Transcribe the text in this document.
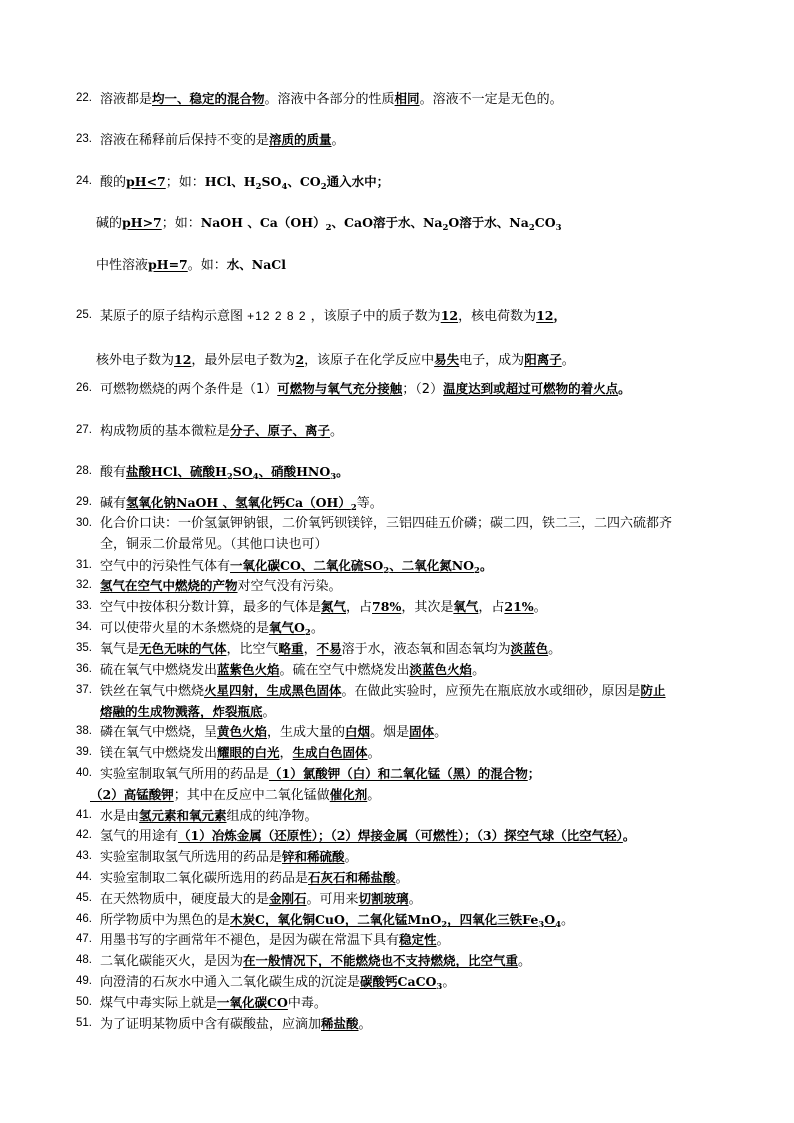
22. 溶液都是均一、稳定的混合物。溶液中各部分的性质相同。溶液不一定是无色的。
23. 溶液在稀释前后保持不变的是溶质的质量。
24. 酸的pH<7；如：HCl、$H_2SO_4$、$CO_2$通入水中；
碱的pH>7；如：NaOH 、$Ca(OH)_2$、CaO溶于水、$Na_2O$溶于水、$Na_2CO_3$
中性溶液pH=7。如：水、NaCl
25. 某原子的原子结构示意图 +12 2 8 2 ，该原子中的质子数为12，核电荷数为12，
核外电子数为12，最外层电子数为2，该原子在化学反应中易失电子，成为阳离子。
26. 可燃物燃烧的两个条件是（1）可燃物与氧气充分接触；（2）温度达到或超过可燃物的着火点。
27. 构成物质的基本微粒是分子、原子、离子。
28. 酸有盐酸HCl、硫酸$H_2SO_4$、硝酸$HNO_3$。
29. 碱有氢氧化钠NaOH 、氢氧化钙$Ca(OH)_2$等。
30. 化合价口诀：一价氢氯钾钠银，二价氧钙钡镁锌，三铝四硅五价磷；碳二四，铁二三，二四六硫都齐
全，铜汞二价最常见。（其他口诀也可）
31. 空气中的污染性气体有一氧化碳CO、二氧化硫$SO_2$、二氧化氮$NO_2$。
32. 氢气在空气中燃烧的产物对空气没有污染。
33. 空气中按体积分数计算，最多的气体是氮气，占78%，其次是氧气，占21%。
34. 可以使带火星的木条燃烧的是氧气$O_2$。
35. 氧气是无色无味的气体，比空气略重，不易溶于水，液态氧和固态氧均为淡蓝色。
36. 硫在氧气中燃烧发出蓝紫色火焰。硫在空气中燃烧发出淡蓝色火焰。
37. 铁丝在氧气中燃烧火星四射，生成黑色固体。在做此实验时，应预先在瓶底放水或细砂，原因是防止
熔融的生成物溅落，炸裂瓶底。
38. 磷在氧气中燃烧，呈黄色火焰，生成大量的白烟。烟是固体。
39. 镁在氧气中燃烧发出耀眼的白光，生成白色固体。
40. 实验室制取氧气所用的药品是（1）氯酸钾（白）和二氧化锰（黑）的混合物；
（2）高锰酸钾；其中在反应中二氧化锰做催化剂。
41. 水是由氢元素和氧元素组成的纯净物。
42. 氢气的用途有（1）冶炼金属（还原性）；（2）焊接金属（可燃性）；（3）探空气球（比空气轻）。
43. 实验室制取氢气所选用的药品是锌和稀硫酸。
44. 实验室制取二氧化碳所选用的药品是石灰石和稀盐酸。
45. 在天然物质中，硬度最大的是金刚石。可用来切割玻璃。
46. 所学物质中为黑色的是木炭C，氧化铜CuO，二氧化锰MnO$_2$，四氧化三铁$Fe_3O_4$。
47. 用墨书写的字画常年不褪色，是因为碳在常温下具有稳定性。
48. 二氧化碳能灭火，是因为在一般情况下，不能燃烧也不支持燃烧，比空气重。
49. 向澄清的石灰水中通入二氧化碳生成的沉淀是碳酸钙CaCO$_3$。
50. 煤气中毒实际上就是一氧化碳CO中毒。
51. 为了证明某物质中含有碳酸盐，应滴加稀盐酸。
